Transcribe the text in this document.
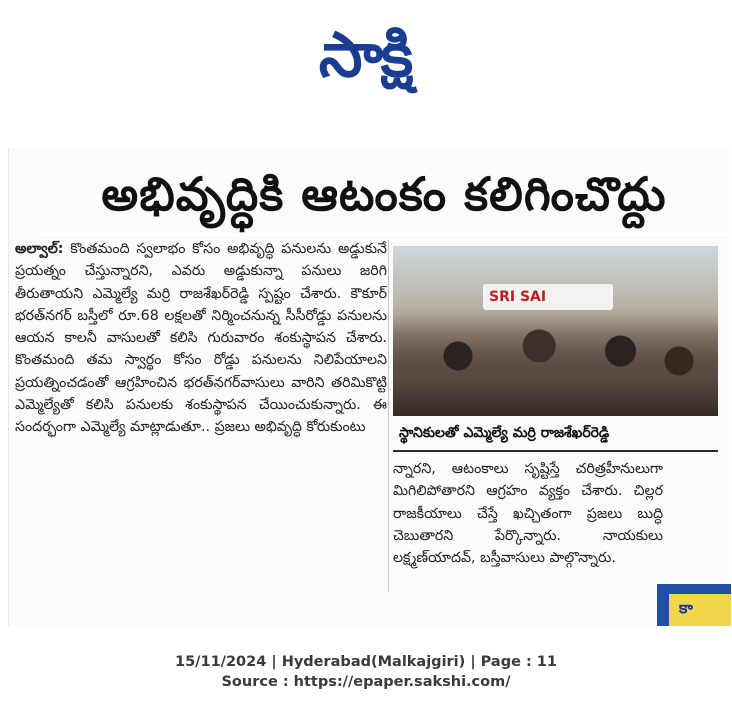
సాక్షి
అభివృద్ధికి ఆటంకం కలిగించొద్దు
అల్వాల్: కొంతమంది స్వలాభం కోసం అభివృద్ధి పనులను అడ్డుకునే ప్రయత్నం చేస్తున్నారని, ఎవరు అడ్డుకున్నా పనులు జరిగి తీరుతాయని ఎమ్మెల్యే మర్రి రాజశేఖర్‌రెడ్డి స్పష్టం చేశారు. కౌకూర్ భరత్‌నగర్ బస్తీలో రూ.68 లక్షలతో నిర్మించనున్న సీసీరోడ్డు పనులను ఆయన కాలనీ వాసులతో కలిసి గురువారం శంకుస్థాపన చేశారు. కొంతమంది తమ స్వార్థం కోసం రోడ్డు పనులను నిలిపేయాలని ప్రయత్నించడంతో ఆగ్రహించిన భరత్‌నగర్‌వాసులు వారిని తరిమికొట్టి ఎమ్మెల్యేతో కలిసి పనులకు శంకుస్థాపన చేయించుకున్నారు. ఈ సందర్భంగా ఎమ్మెల్యే మాట్లాడుతూ.. ప్రజలు అభివృద్ధి కోరుకుంటు
SRI SAI
స్థానికులతో ఎమ్మెల్యే మర్రి రాజశేఖర్‌రెడ్డి
న్నారని, ఆటంకాలు సృష్టిస్తే చరిత్రహీనులుగా మిగిలిపోతారని ఆగ్రహం వ్యక్తం చేశారు. చిల్లర రాజకీయాలు చేస్తే ఖచ్చితంగా ప్రజలు బుద్ధి చెబుతారని పేర్కొన్నారు. నాయకులు లక్ష్మణ్‌యాదవ్, బస్తీవాసులు పాల్గొన్నారు.
కా
15/11/2024 | Hyderabad(Malkajgiri) | Page : 11
Source : https://epaper.sakshi.com/
